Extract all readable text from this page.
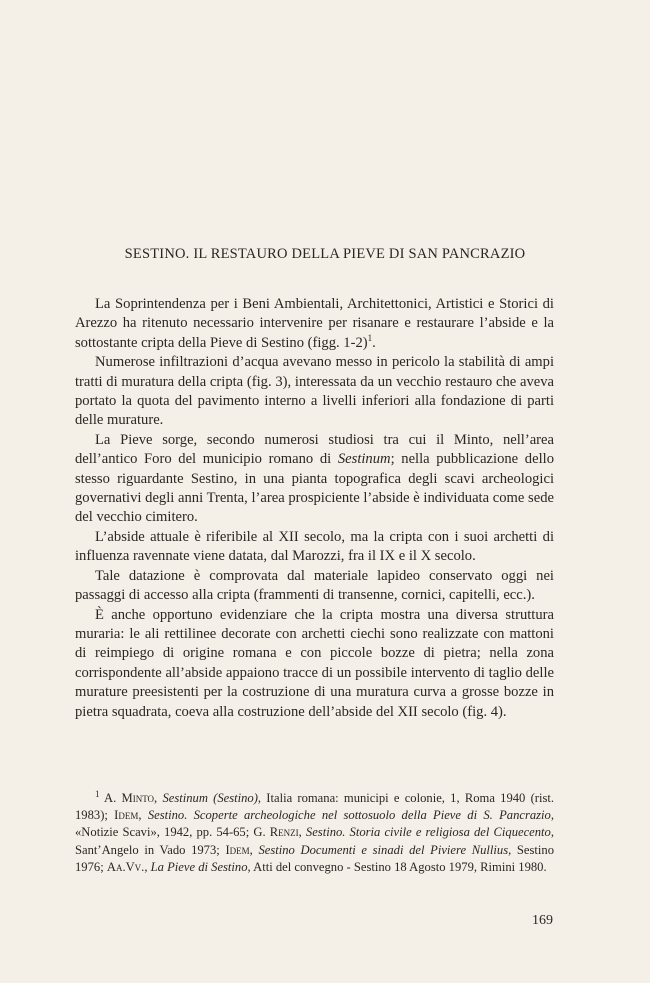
SESTINO. IL RESTAURO DELLA PIEVE DI SAN PANCRAZIO

La Soprintendenza per i Beni Ambientali, Architettonici, Artistici e Storici di Arezzo ha ritenuto necessario intervenire per risanare e restaurare l’abside e la sottostante cripta della Pieve di Sestino (figg. 1-2)$^1$.

Numerose infiltrazioni d’acqua avevano messo in pericolo la stabilità di ampi tratti di muratura della cripta (fig. 3), interessata da un vecchio restauro che aveva portato la quota del pavimento interno a livelli inferiori alla fondazione di parti delle murature.

La Pieve sorge, secondo numerosi studiosi tra cui il Minto, nell’area dell’antico Foro del municipio romano di Sestinum; nella pubblicazione dello stesso riguardante Sestino, in una pianta topografica degli scavi archeologici governativi degli anni Trenta, l’area prospiciente l’abside è individuata come sede del vecchio cimitero.

L’abside attuale è riferibile al XII secolo, ma la cripta con i suoi archetti di influenza ravennate viene datata, dal Marozzi, fra il IX e il X secolo.

Tale datazione è comprovata dal materiale lapideo conservato oggi nei passaggi di accesso alla cripta (frammenti di transenne, cornici, capitelli, ecc.).

È anche opportuno evidenziare che la cripta mostra una diversa struttura muraria: le ali rettilinee decorate con archetti ciechi sono realizzate con mattoni di reimpiego di origine romana e con piccole bozze di pietra; nella zona corrispondente all’abside appaiono tracce di un possibile intervento di taglio delle murature preesistenti per la costruzione di una muratura curva a grosse bozze in pietra squadrata, coeva alla costruzione dell’abside del XII secolo (fig. 4).

$^1$ A. Minto, Sestinum (Sestino), Italia romana: municipi e colonie, 1, Roma 1940 (rist. 1983); Idem, Sestino. Scoperte archeologiche nel sottosuolo della Pieve di S. Pancrazio, «Notizie Scavi», 1942, pp. 54-65; G. Renzi, Sestino. Storia civile e religiosa del Ciquecento, Sant’Angelo in Vado 1973; Idem, Sestino Documenti e sinadi del Piviere Nullius, Sestino 1976; Aa.Vv., La Pieve di Sestino, Atti del convegno - Sestino 18 Agosto 1979, Rimini 1980.

169
